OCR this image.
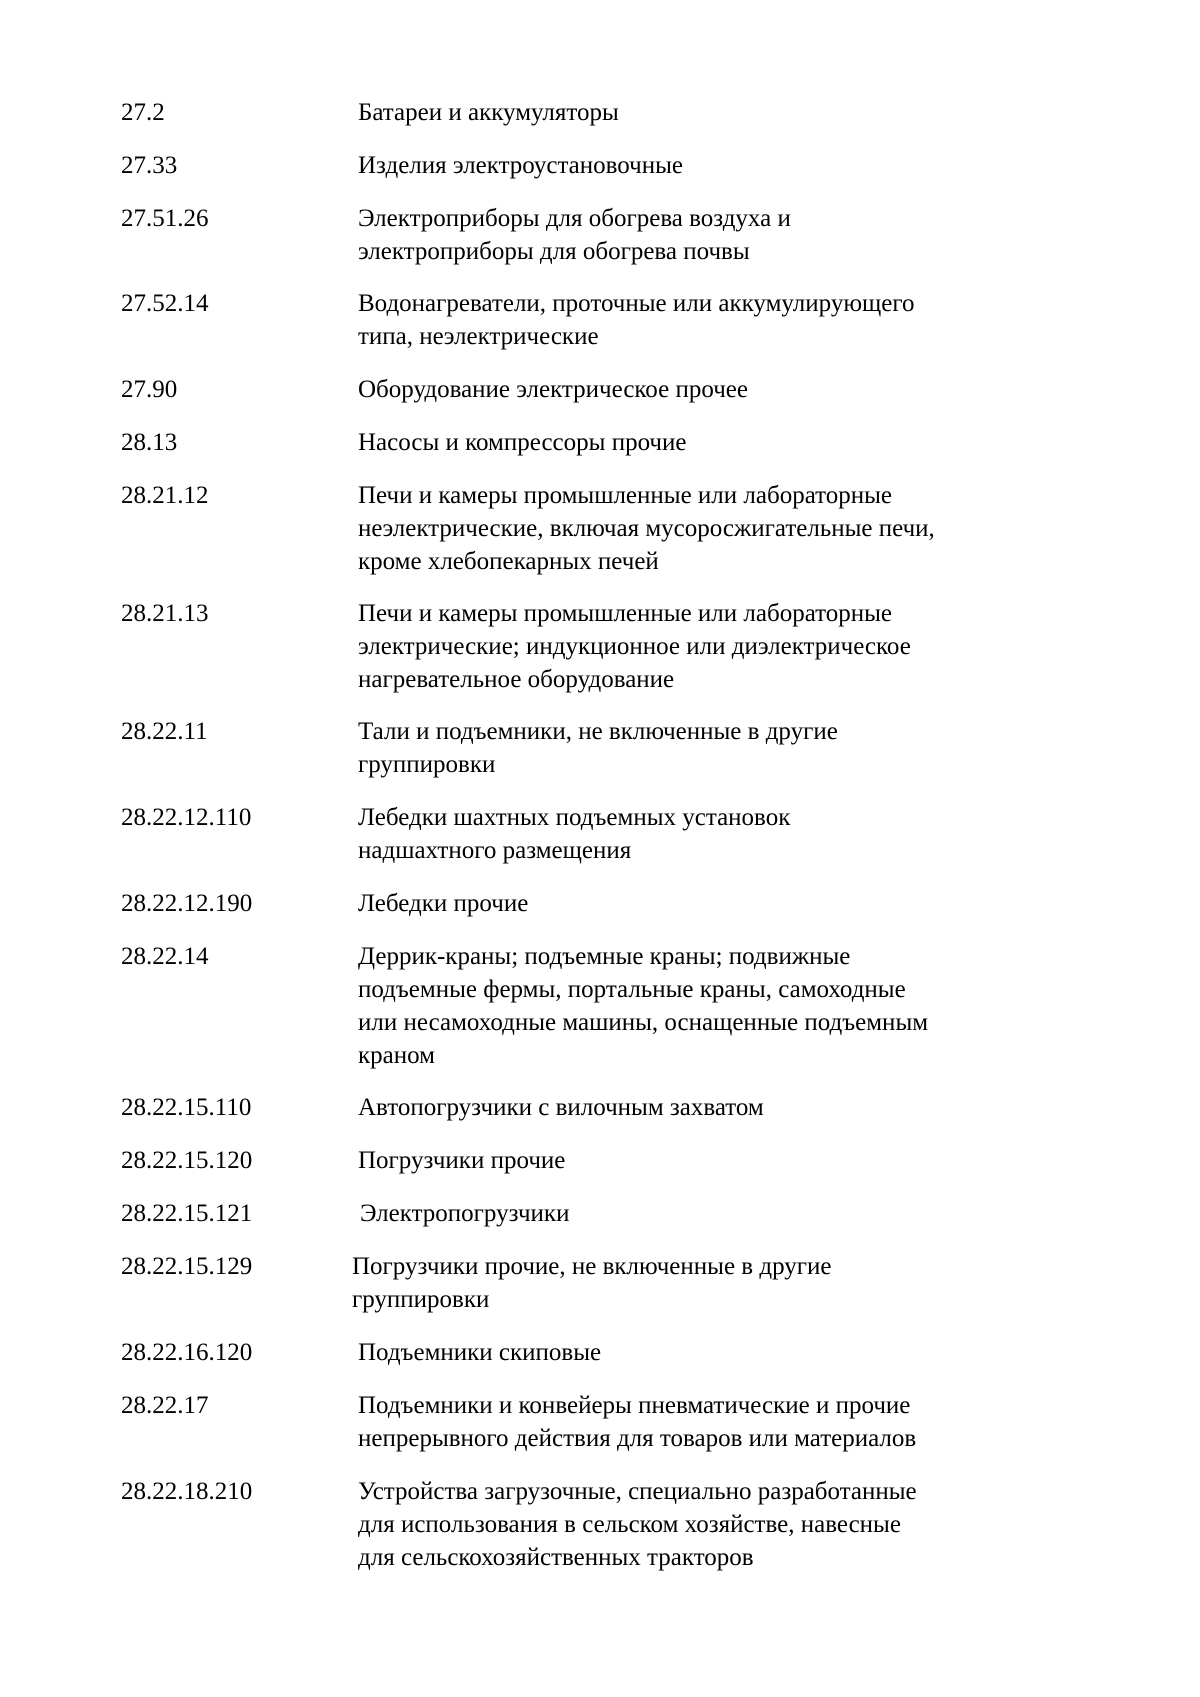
27.2	Батареи и аккумуляторы
27.33	Изделия электроустановочные
27.51.26	Электроприборы для обогрева воздуха и
электроприборы для обогрева почвы
27.52.14	Водонагреватели, проточные или аккумулирующего
типа, неэлектрические
27.90	Оборудование электрическое прочее
28.13	Насосы и компрессоры прочие
28.21.12	Печи и камеры промышленные или лабораторные
неэлектрические, включая мусоросжигательные печи,
кроме хлебопекарных печей
28.21.13	Печи и камеры промышленные или лабораторные
электрические; индукционное или диэлектрическое
нагревательное оборудование
28.22.11	Тали и подъемники, не включенные в другие
группировки
28.22.12.110	Лебедки шахтных подъемных установок
надшахтного размещения
28.22.12.190	Лебедки прочие
28.22.14	Деррик-краны; подъемные краны; подвижные
подъемные фермы, портальные краны, самоходные
или несамоходные машины, оснащенные подъемным
краном
28.22.15.110	Автопогрузчики с вилочным захватом
28.22.15.120	Погрузчики прочие
28.22.15.121	Электропогрузчики
28.22.15.129	Погрузчики прочие, не включенные в другие
группировки
28.22.16.120	Подъемники скиповые
28.22.17	Подъемники и конвейеры пневматические и прочие
непрерывного действия для товаров или материалов
28.22.18.210	Устройства загрузочные, специально разработанные
для использования в сельском хозяйстве, навесные
для сельскохозяйственных тракторов
